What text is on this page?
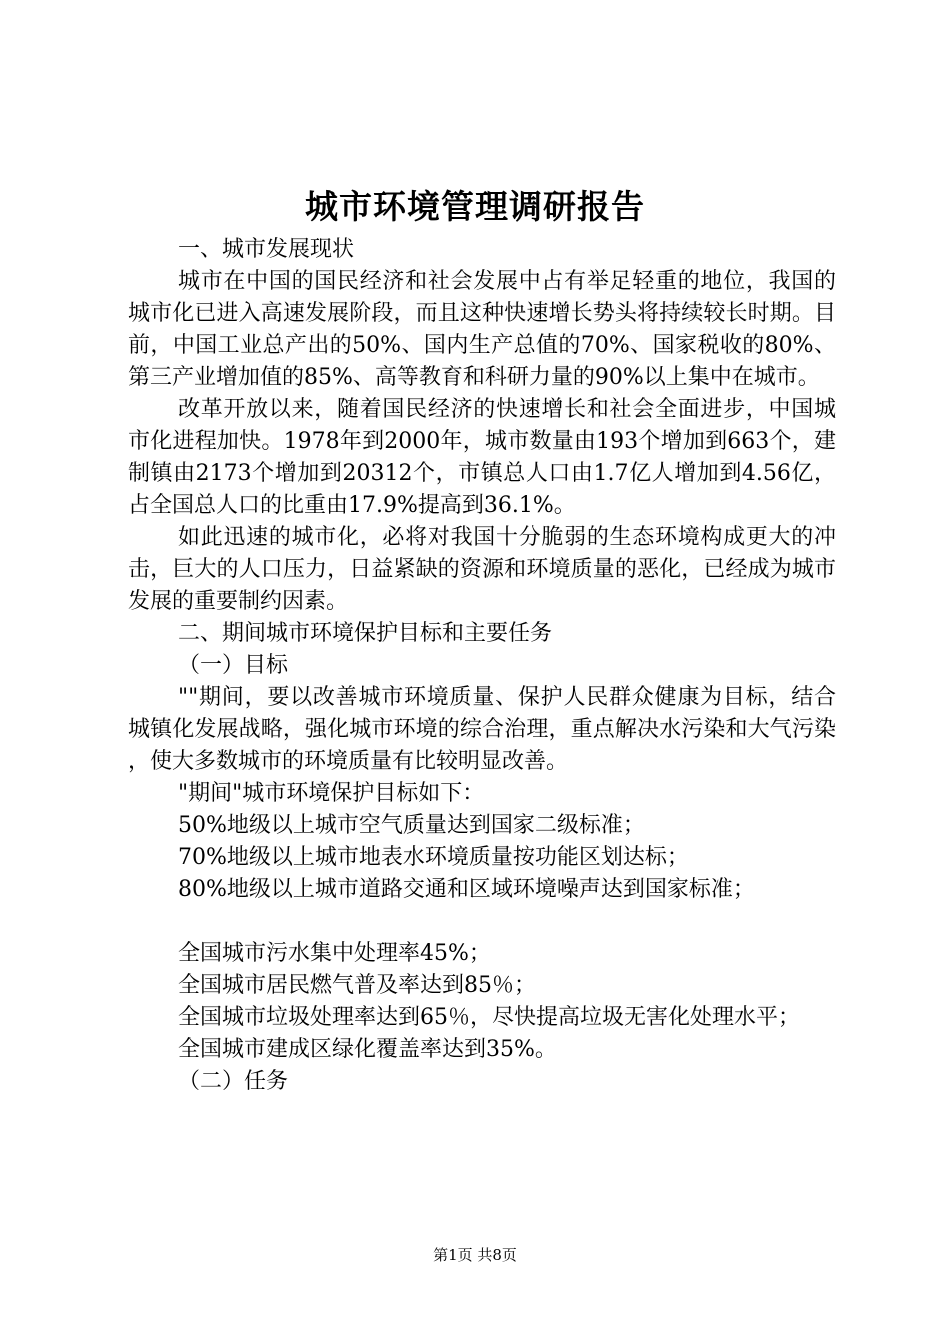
城市环境管理调研报告

一、城市发展现状

城市在中国的国民经济和社会发展中占有举足轻重的地位，我国的城市化已进入高速发展阶段，而且这种快速增长势头将持续较长时期。目前，中国工业总产出的50%、国内生产总值的70%、国家税收的80%、第三产业增加值的85%、高等教育和科研力量的90%以上集中在城市。

改革开放以来，随着国民经济的快速增长和社会全面进步，中国城市化进程加快。1978年到2000年，城市数量由193个增加到663个，建制镇由2173个增加到20312个，市镇总人口由1.7亿人增加到4.56亿，占全国总人口的比重由17.9%提高到36.1%。

如此迅速的城市化，必将对我国十分脆弱的生态环境构成更大的冲击，巨大的人口压力，日益紧缺的资源和环境质量的恶化，已经成为城市发展的重要制约因素。

二、期间城市环境保护目标和主要任务

（一）目标

""期间，要以改善城市环境质量、保护人民群众健康为目标，结合城镇化发展战略，强化城市环境的综合治理，重点解决水污染和大气污染，使大多数城市的环境质量有比较明显改善。

"期间"城市环境保护目标如下：

50%地级以上城市空气质量达到国家二级标准；

70%地级以上城市地表水环境质量按功能区划达标；

80%地级以上城市道路交通和区域环境噪声达到国家标准；

全国城市污水集中处理率45%；

全国城市居民燃气普及率达到85％；

全国城市垃圾处理率达到65％，尽快提高垃圾无害化处理水平；

全国城市建成区绿化覆盖率达到35%。

（二）任务

第1页 共8页
